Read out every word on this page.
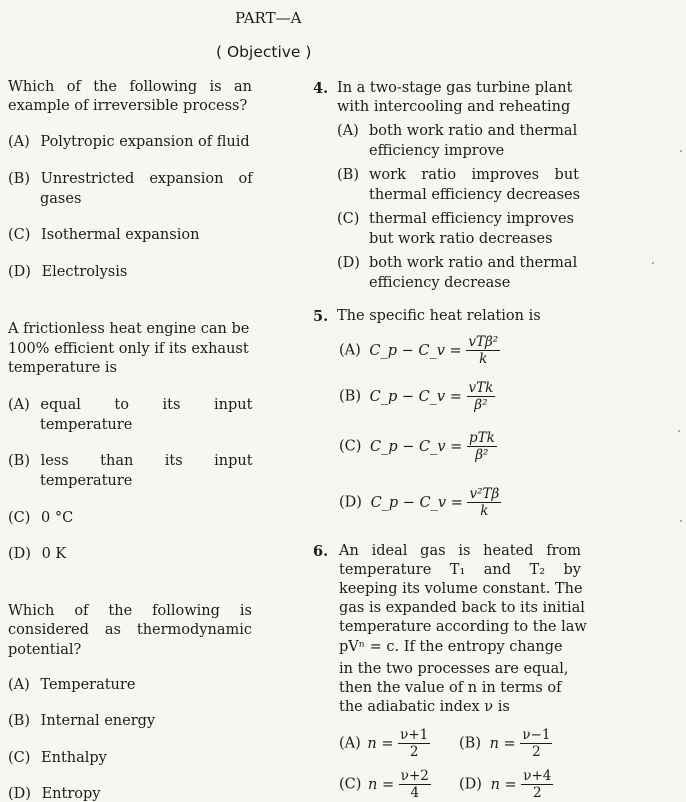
PART—A
( Objective )
Which of the following is an
example of irreversible process?
(A) Polytropic expansion of fluid
(B) Unrestricted expansion of
gases
(C) Isothermal expansion
(D) Electrolysis
A frictionless heat engine can be
100% efficient only if its exhaust
temperature is
(A) equal to its input
temperature
(B) less than its input
temperature
(C) 0 °C
(D) 0 K
Which of the following is
considered as thermodynamic
potential?
(A) Temperature
(B) Internal energy
(C) Enthalpy
(D) Entropy
4. In a two-stage gas turbine plant
with intercooling and reheating
(A) both work ratio and thermal
efficiency improve
(B) work ratio improves but
thermal efficiency decreases
(C) thermal efficiency improves
but work ratio decreases
(D) both work ratio and thermal
efficiency decrease
5. The specific heat relation is
(A) C_p − C_v = $\frac{\text{vTβ²}}{k}$
(B) C_p − C_v = $\frac{\text{vTk}}{\text{β²}}$
(C) C_p − C_v = $\frac{\text{pTk}}{\text{β²}}$
(D) C_p − C_v = $\frac{\text{v²Tβ}}{k}$
6. An ideal gas is heated from
temperature T₁ and T₂ by
keeping its volume constant. The
gas is expanded back to its initial
temperature according to the law
pVⁿ = c. If the entropy change
in the two processes are equal,
then the value of n in terms of
the adiabatic index ν is
(A) $n = \frac{\nu+1}{2} (B) n = \frac{\nu-1}{2}$
(C) $n = \frac{\nu+2}{4} (D) n = \frac{\nu+4}{2}$
